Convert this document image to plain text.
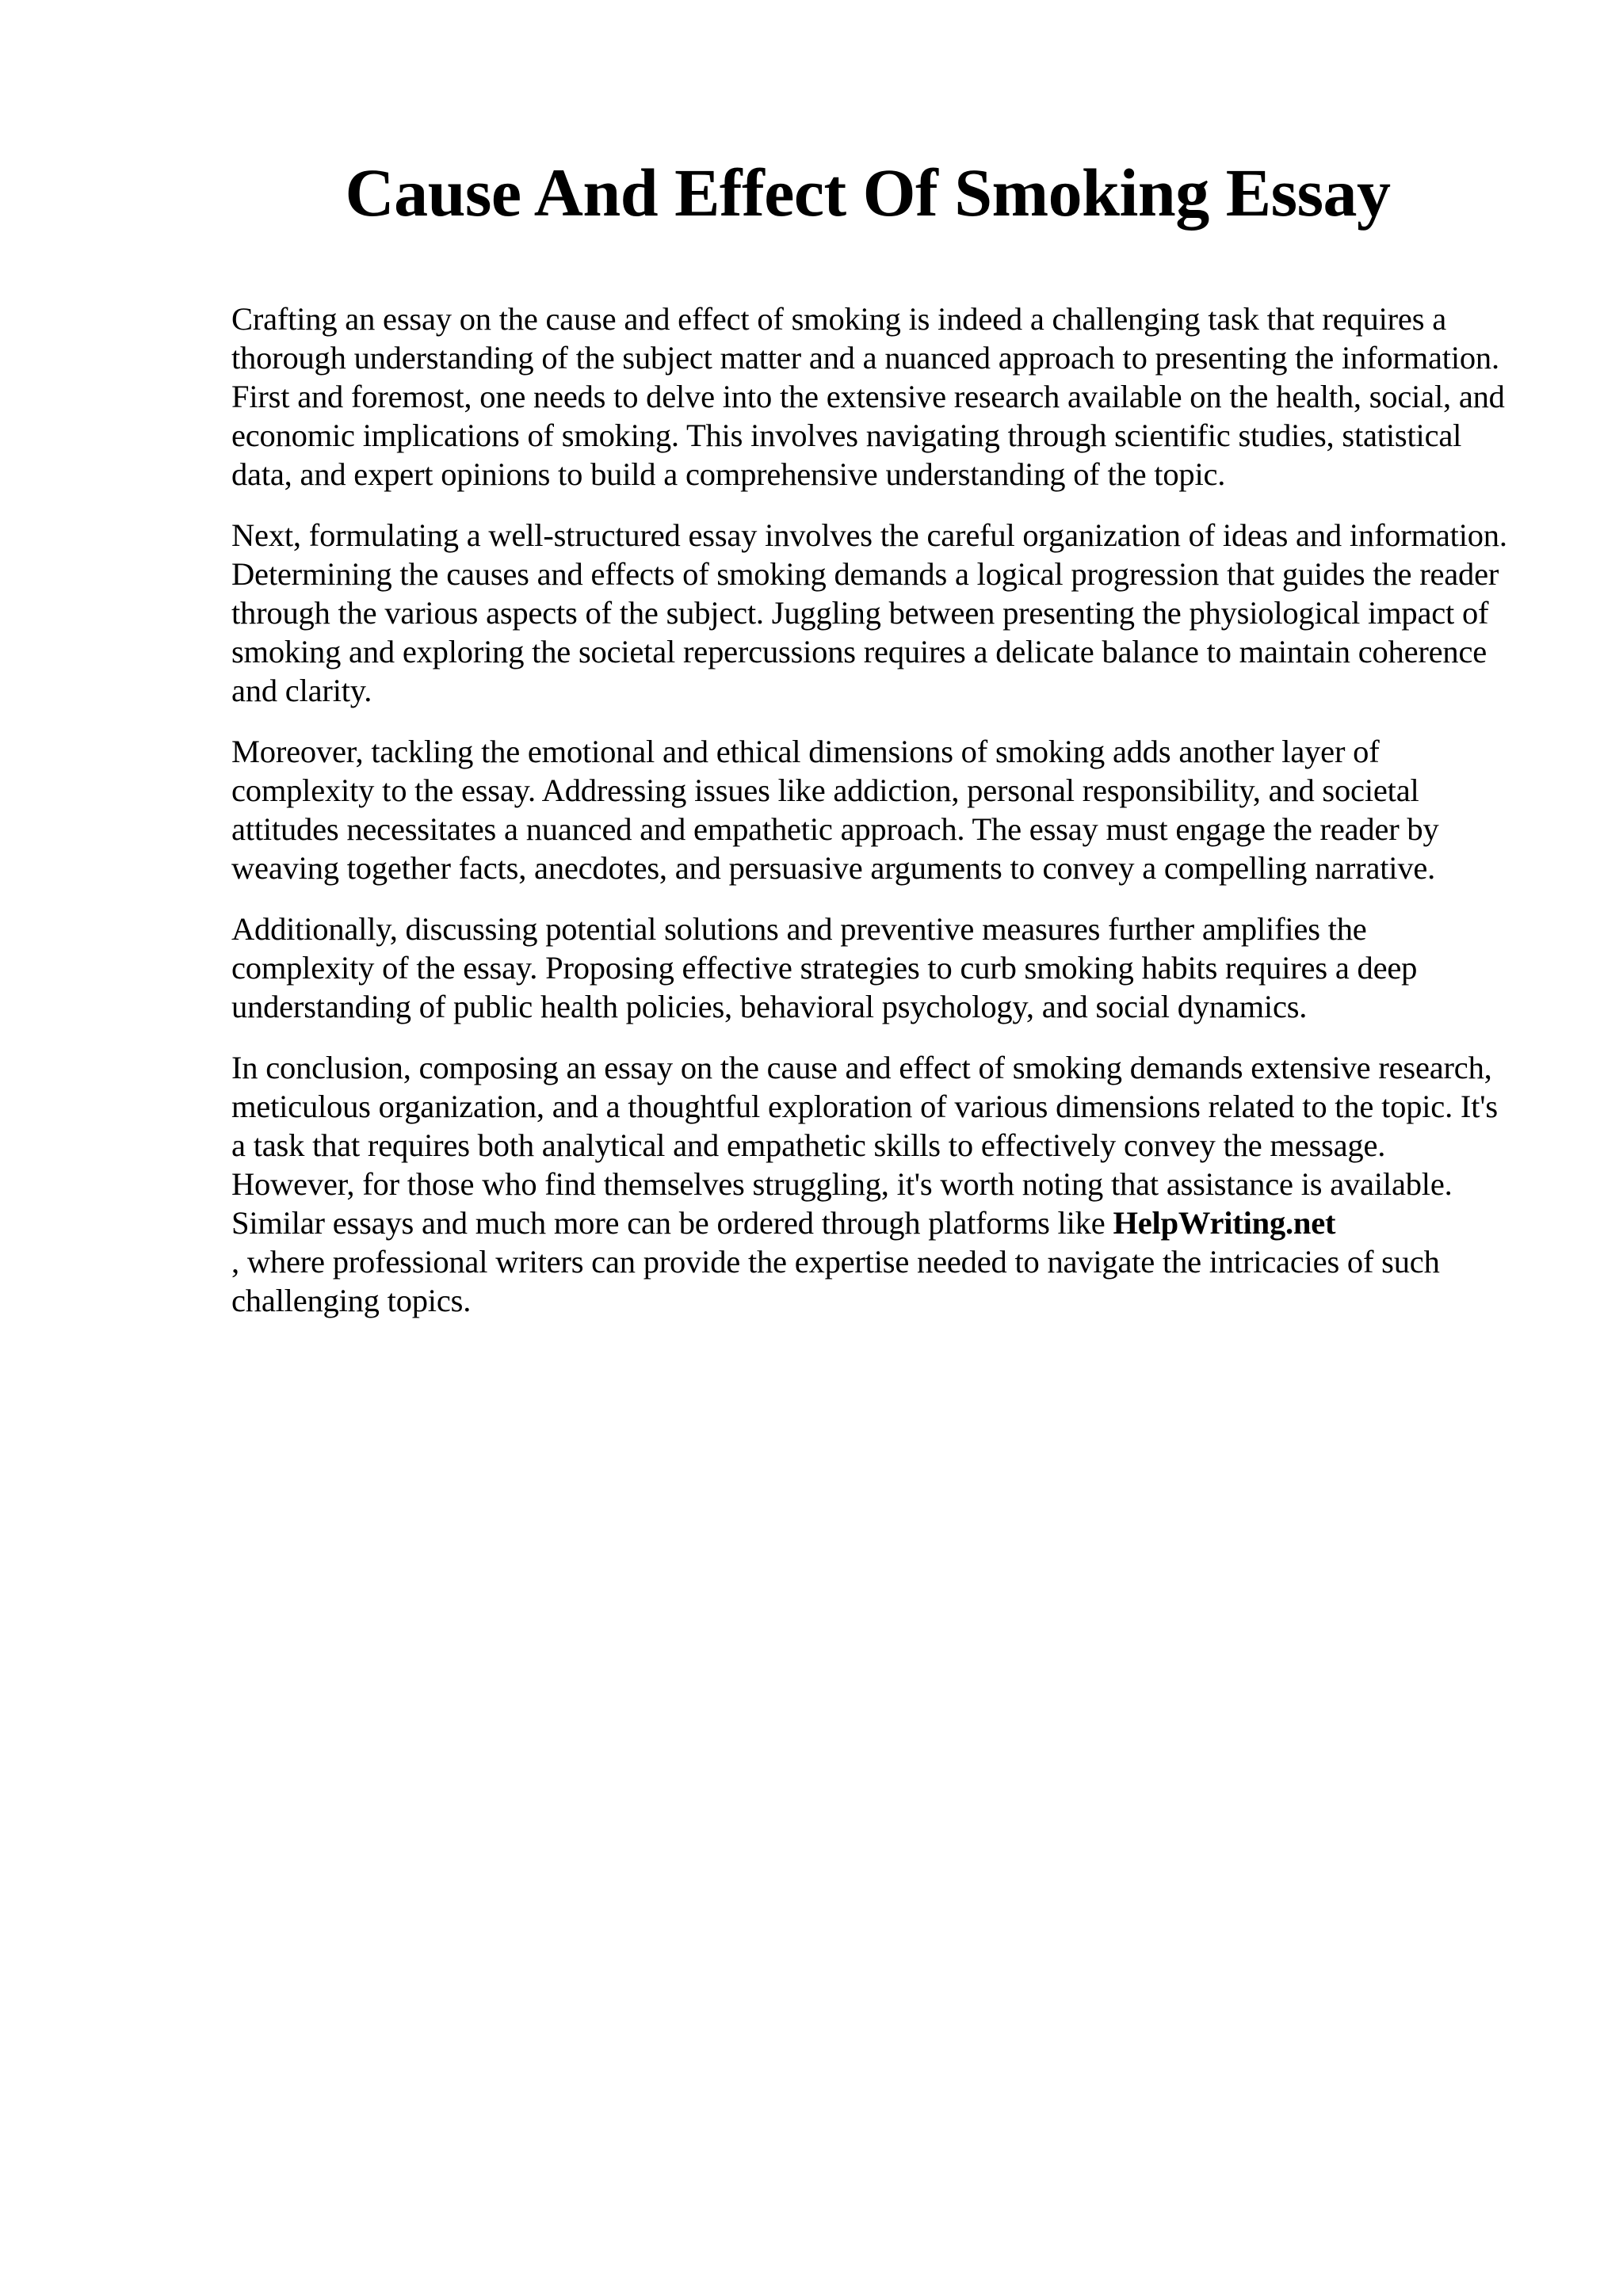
Cause And Effect Of Smoking Essay

Crafting an essay on the cause and effect of smoking is indeed a challenging task that requires a thorough understanding of the subject matter and a nuanced approach to presenting the information. First and foremost, one needs to delve into the extensive research available on the health, social, and economic implications of smoking. This involves navigating through scientific studies, statistical data, and expert opinions to build a comprehensive understanding of the topic.

Next, formulating a well-structured essay involves the careful organization of ideas and information. Determining the causes and effects of smoking demands a logical progression that guides the reader through the various aspects of the subject. Juggling between presenting the physiological impact of smoking and exploring the societal repercussions requires a delicate balance to maintain coherence and clarity.

Moreover, tackling the emotional and ethical dimensions of smoking adds another layer of complexity to the essay. Addressing issues like addiction, personal responsibility, and societal attitudes necessitates a nuanced and empathetic approach. The essay must engage the reader by weaving together facts, anecdotes, and persuasive arguments to convey a compelling narrative.

Additionally, discussing potential solutions and preventive measures further amplifies the complexity of the essay. Proposing effective strategies to curb smoking habits requires a deep understanding of public health policies, behavioral psychology, and social dynamics.

In conclusion, composing an essay on the cause and effect of smoking demands extensive research, meticulous organization, and a thoughtful exploration of various dimensions related to the topic. It's a task that requires both analytical and empathetic skills to effectively convey the message. However, for those who find themselves struggling, it's worth noting that assistance is available. Similar essays and much more can be ordered through platforms like HelpWriting.net
, where professional writers can provide the expertise needed to navigate the intricacies of such challenging topics.
